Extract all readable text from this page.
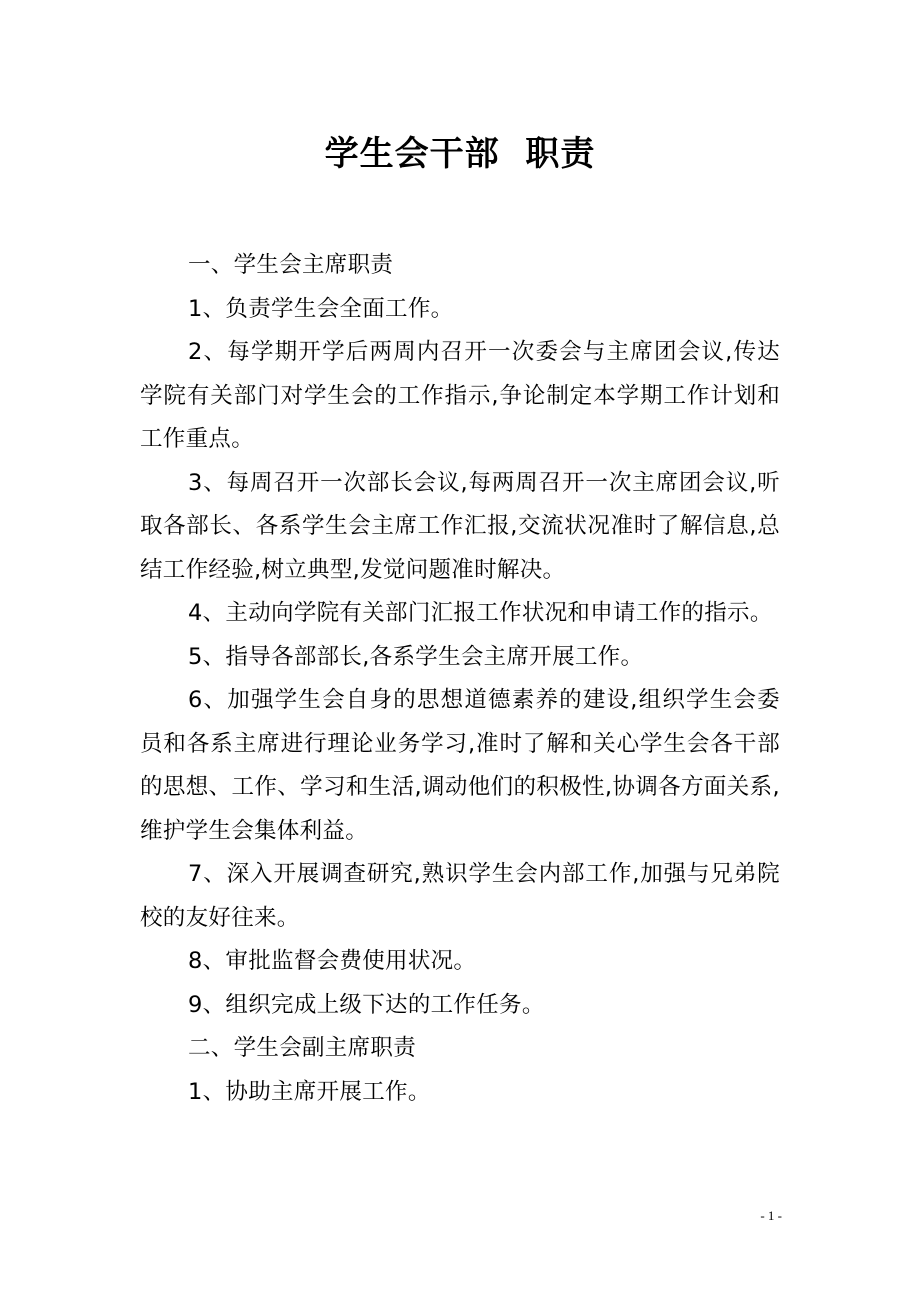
学生会干部  职责

一、学生会主席职责

1、负责学生会全面工作。

2、每学期开学后两周内召开一次委会与主席团会议,传达学院有关部门对学生会的工作指示,争论制定本学期工作计划和工作重点。

3、每周召开一次部长会议,每两周召开一次主席团会议,听取各部长、各系学生会主席工作汇报,交流状况准时了解信息,总结工作经验,树立典型,发觉问题准时解决。

4、主动向学院有关部门汇报工作状况和申请工作的指示。

5、指导各部部长,各系学生会主席开展工作。

6、加强学生会自身的思想道德素养的建设,组织学生会委员和各系主席进行理论业务学习,准时了解和关心学生会各干部的思想、工作、学习和生活,调动他们的积极性,协调各方面关系,维护学生会集体利益。

7、深入开展调查研究,熟识学生会内部工作,加强与兄弟院校的友好往来。

8、审批监督会费使用状况。

9、组织完成上级下达的工作任务。

二、学生会副主席职责

1、协助主席开展工作。

- 1 -
